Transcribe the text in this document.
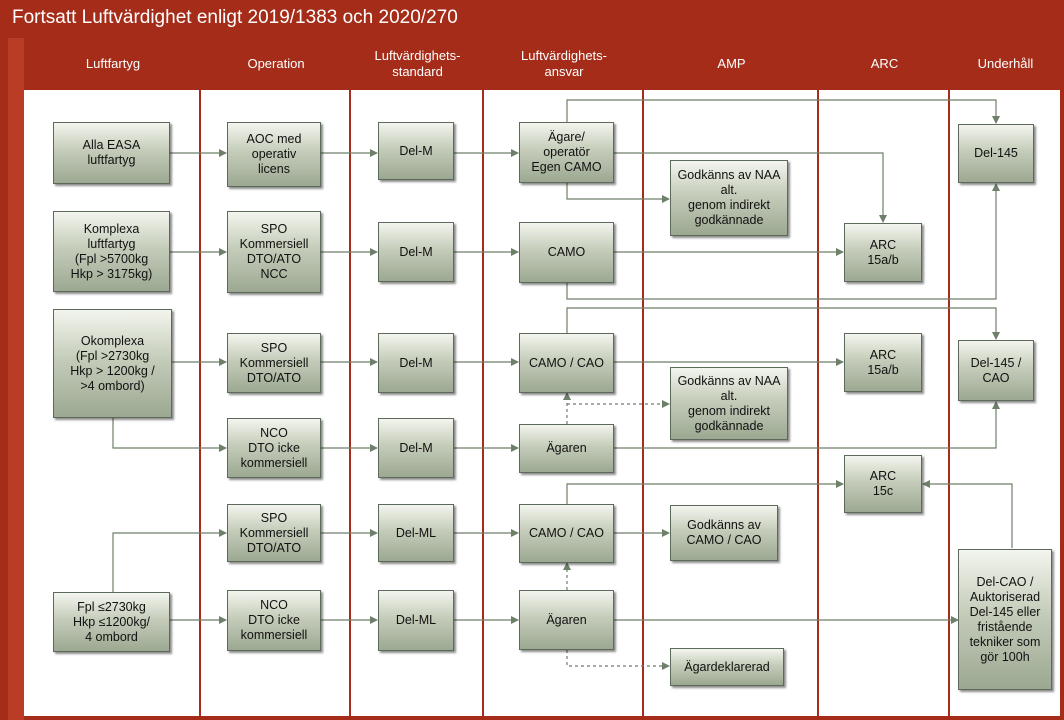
Fortsatt Luftvärdighet enligt 2019/1383 och 2020/270
Luftfartyg	Operation
Luftvärdighets-
standard
Luftvärdighets-
ansvar
AMP	ARC	Underhåll
Alla EASA
luftfartyg
Komplexa
luftfartyg
(Fpl >5700kg
Hkp > 3175kg)
Okomplexa
(Fpl >2730kg
Hkp > 1200kg /
>4 ombord)
Fpl ≤2730kg
Hkp ≤1200kg/
4 ombord
AOC med
operativ
licens
SPO
Kommersiell
DTO/ATO
NCC
SPO
Kommersiell
DTO/ATO
NCO
DTO icke
kommersiell
SPO
Kommersiell
DTO/ATO
NCO
DTO icke
kommersiell
Del-M
Del-M
Del-M
Del-M
Del-ML
Del-ML
Ägare/
operatör
Egen CAMO
CAMO
CAMO / CAO
Ägaren
CAMO / CAO
Ägaren
Godkänns av NAA
alt.
genom indirekt
godkännade
Godkänns av NAA
alt.
genom indirekt
godkännade
Godkänns av
CAMO / CAO
Ägardeklarerad
ARC
15a/b
ARC
15a/b
ARC
15c
Del-145
Del-145 /
CAO
Del-CAO /
Auktoriserad
Del-145 eller
fristående
tekniker som
gör 100h
